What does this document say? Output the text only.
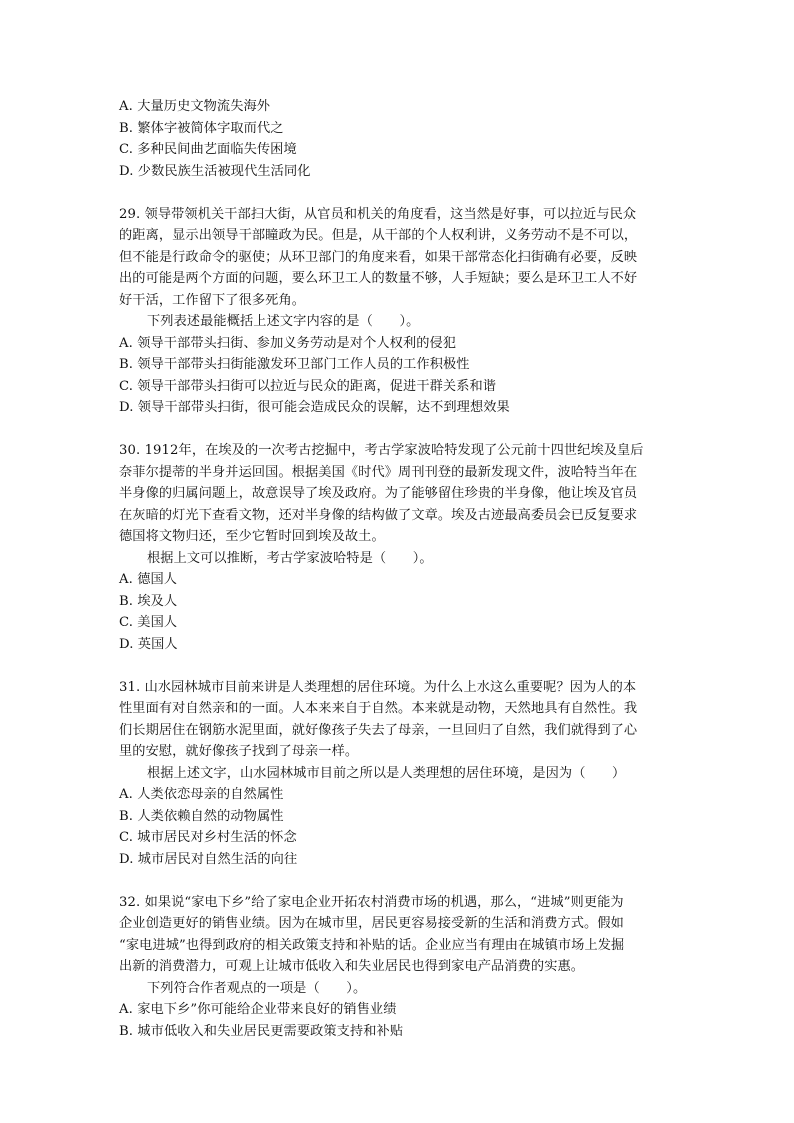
A. 大量历史文物流失海外
B. 繁体字被简体字取而代之
C. 多种民间曲艺面临失传困境
D. 少数民族生活被现代生活同化
29. 领导带领机关干部扫大街，从官员和机关的角度看，这当然是好事，可以拉近与民众
的距离，显示出领导干部瞳政为民。但是，从干部的个人权利讲，义务劳动不是不可以，
但不能是行政命令的驱使；从环卫部门的角度来看，如果干部常态化扫街确有必要，反映
出的可能是两个方面的问题，要么环卫工人的数量不够，人手短缺；要么是环卫工人不好
好干活，工作留下了很多死角。
下列表述最能概括上述文字内容的是（　　）。
A. 领导干部带头扫街、参加义务劳动是对个人权利的侵犯
B. 领导干部带头扫街能激发环卫部门工作人员的工作积极性
C. 领导干部带头扫街可以拉近与民众的距离，促进干群关系和谐
D. 领导干部带头扫街，很可能会造成民众的误解，达不到理想效果
30. 1912年，在埃及的一次考古挖掘中，考古学家波哈特发现了公元前十四世纪埃及皇后
奈菲尔提蒂的半身并运回国。根据美国《时代》周刊刊登的最新发现文件，波哈特当年在
半身像的归属问题上，故意误导了埃及政府。为了能够留住珍贵的半身像，他让埃及官员
在灰暗的灯光下查看文物，还对半身像的结构做了文章。埃及古迹最高委员会已反复要求
德国将文物归还，至少它暂时回到埃及故土。
根据上文可以推断，考古学家波哈特是（　　）。
A. 德国人
B. 埃及人
C. 美国人
D. 英国人
31. 山水园林城市目前来讲是人类理想的居住环境。为什么上水这么重要呢？因为人的本
性里面有对自然亲和的一面。人本来来自于自然。本来就是动物，天然地具有自然性。我
们长期居住在钢筋水泥里面，就好像孩子失去了母亲，一旦回归了自然，我们就得到了心
里的安慰，就好像孩子找到了母亲一样。
根据上述文字，山水园林城市目前之所以是人类理想的居住环境，是因为（　　）
A. 人类依恋母亲的自然属性
B. 人类依赖自然的动物属性
C. 城市居民对乡村生活的怀念
D. 城市居民对自然生活的向往
32. 如果说“家电下乡”给了家电企业开拓农村消费市场的机遇，那么，“进城”则更能为
企业创造更好的销售业绩。因为在城市里，居民更容易接受新的生活和消费方式。假如
“家电进城”也得到政府的相关政策支持和补贴的话。企业应当有理由在城镇市场上发掘
出新的消费潜力，可观上让城市低收入和失业居民也得到家电产品消费的实惠。
下列符合作者观点的一项是（　　）。
A. 家电下乡”你可能给企业带来良好的销售业绩
B. 城市低收入和失业居民更需要政策支持和补贴
